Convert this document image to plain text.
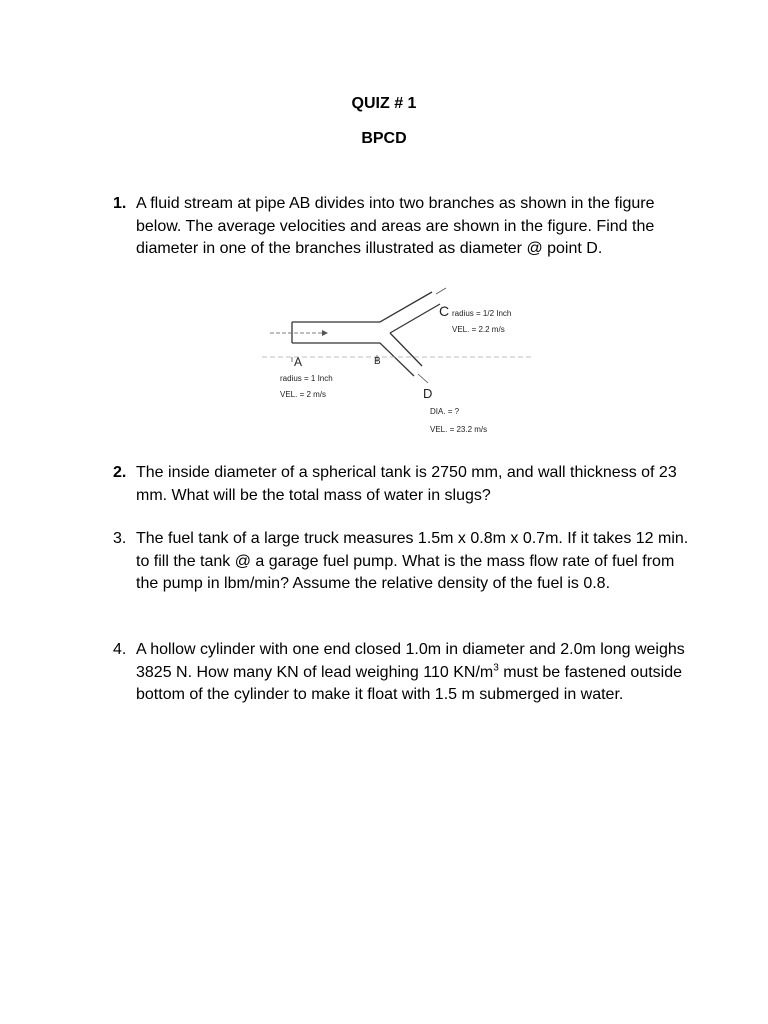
QUIZ # 1
BPCD
1. A fluid stream at pipe AB divides into two branches as shown in the figure below. The average velocities and areas are shown in the figure. Find the diameter in one of the branches illustrated as diameter @ point D.
A	B
C
D
radius = 1/2 Inch
VEL. = 2.2 m/s
radius = 1 Inch
VEL. = 2 m/s
DIA. = ?
VEL. = 23.2 m/s
2. The inside diameter of a spherical tank is 2750 mm, and wall thickness of 23 mm. What will be the total mass of water in slugs?
3. The fuel tank of a large truck measures 1.5m x 0.8m x 0.7m. If it takes 12 min. to fill the tank @ a garage fuel pump. What is the mass flow rate of fuel from the pump in lbm/min? Assume the relative density of the fuel is 0.8.
4. A hollow cylinder with one end closed 1.0m in diameter and 2.0m long weighs 3825 N. How many KN of lead weighing 110 $KN/m^3$ must be fastened outside bottom of the cylinder to make it float with 1.5 m submerged in water.
